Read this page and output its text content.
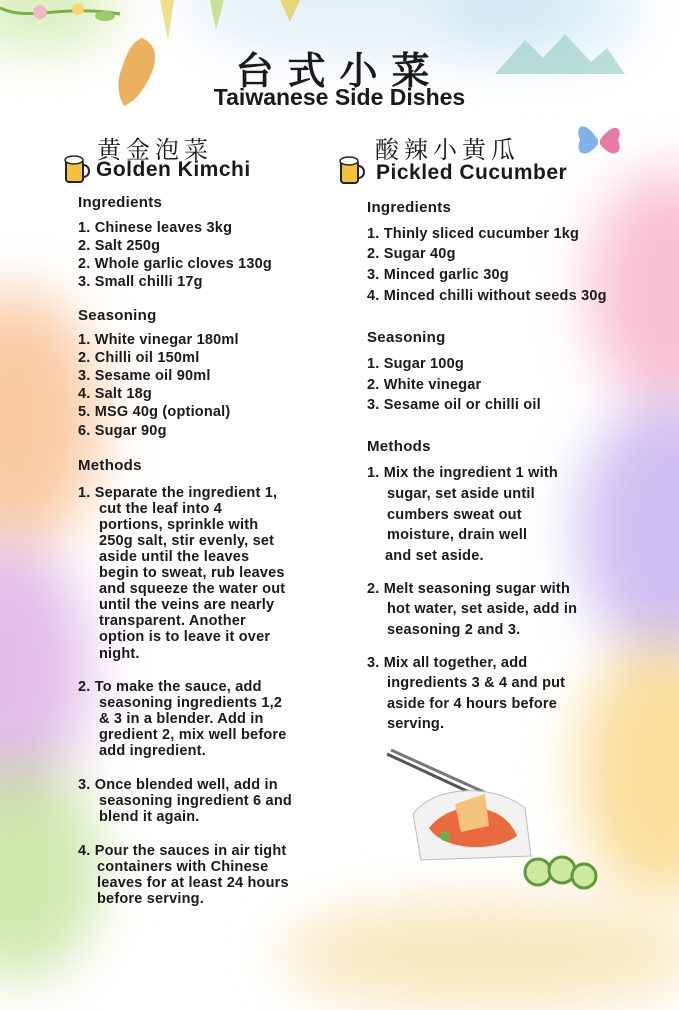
台式小菜
Taiwanese Side Dishes
黄金泡菜
Golden Kimchi
Ingredients
1. Chinese leaves 3kg
2. Salt 250g
2. Whole garlic cloves 130g
3. Small chilli 17g
Seasoning
1. White vinegar 180ml
2. Chilli oil 150ml
3. Sesame oil 90ml
4. Salt 18g
5. MSG 40g (optional)
6. Sugar 90g
Methods
1. Separate the ingredient 1,
cut the leaf into 4
portions, sprinkle with
250g salt, stir evenly, set
aside until the leaves
begin to sweat, rub leaves
and squeeze the water out
until the veins are nearly
transparent. Another
option is to leave it over
night.
2. To make the sauce, add
seasoning ingredients 1,2
& 3 in a blender. Add in
gredient 2, mix well before
add ingredient.
3. Once blended well, add in
seasoning ingredient 6 and
blend it again.
4. Pour the sauces in air tight
containers with Chinese
leaves for at least 24 hours
before serving.
酸辣小黄瓜
Pickled Cucumber
Ingredients
1. Thinly sliced cucumber 1kg
2. Sugar 40g
3. Minced garlic 30g
4. Minced chilli without seeds 30g
Seasoning
1. Sugar 100g
2. White vinegar
3. Sesame oil or chilli oil
Methods
1. Mix the ingredient 1 with
sugar, set aside until
cumbers sweat out
moisture, drain well
and set aside.
2. Melt seasoning sugar with
hot water, set aside, add in
seasoning 2 and 3.
3. Mix all together, add
ingredients 3 & 4 and put
aside for 4 hours before
serving.
